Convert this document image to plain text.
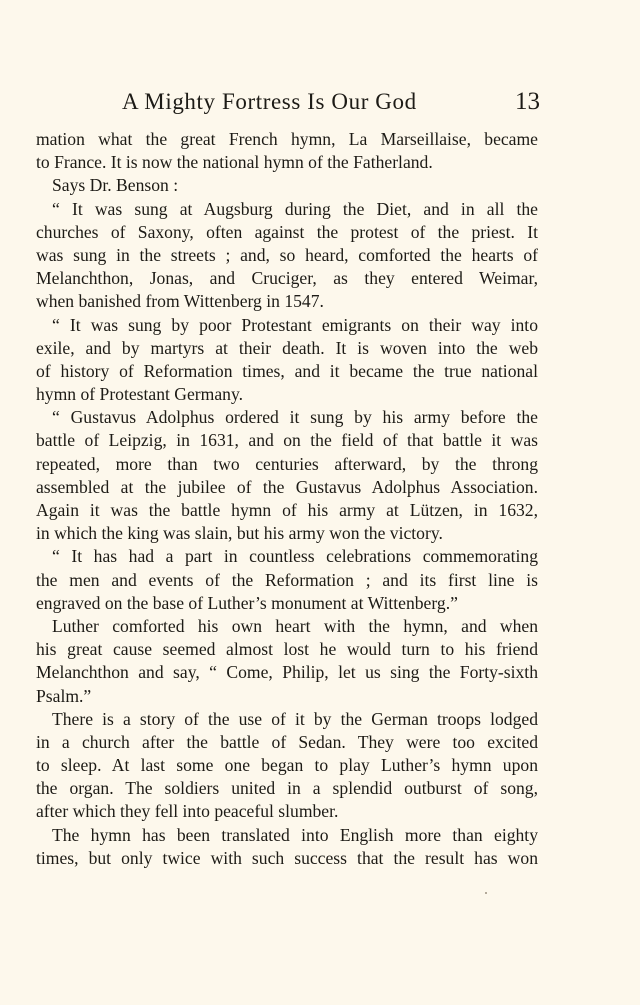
A Mighty Fortress Is Our God	13
mation what the great French hymn, La Marseillaise, became
to France. It is now the national hymn of the Fatherland.
Says Dr. Benson :
“ It was sung at Augsburg during the Diet, and in all the
churches of Saxony, often against the protest of the priest. It
was sung in the streets ; and, so heard, comforted the hearts of
Melanchthon, Jonas, and Cruciger, as they entered Weimar,
when banished from Wittenberg in 1547.
“ It was sung by poor Protestant emigrants on their way into
exile, and by martyrs at their death. It is woven into the web
of history of Reformation times, and it became the true national
hymn of Protestant Germany.
“ Gustavus Adolphus ordered it sung by his army before the
battle of Leipzig, in 1631, and on the field of that battle it was
repeated, more than two centuries afterward, by the throng
assembled at the jubilee of the Gustavus Adolphus Association.
Again it was the battle hymn of his army at Lützen, in 1632,
in which the king was slain, but his army won the victory.
“ It has had a part in countless celebrations commemorating
the men and events of the Reformation ; and its first line is
engraved on the base of Luther’s monument at Wittenberg.”
Luther comforted his own heart with the hymn, and when
his great cause seemed almost lost he would turn to his friend
Melanchthon and say, “ Come, Philip, let us sing the Forty-sixth
Psalm.”
There is a story of the use of it by the German troops lodged
in a church after the battle of Sedan. They were too excited
to sleep. At last some one began to play Luther’s hymn upon
the organ. The soldiers united in a splendid outburst of song,
after which they fell into peaceful slumber.
The hymn has been translated into English more than eighty
times, but only twice with such success that the result has won
